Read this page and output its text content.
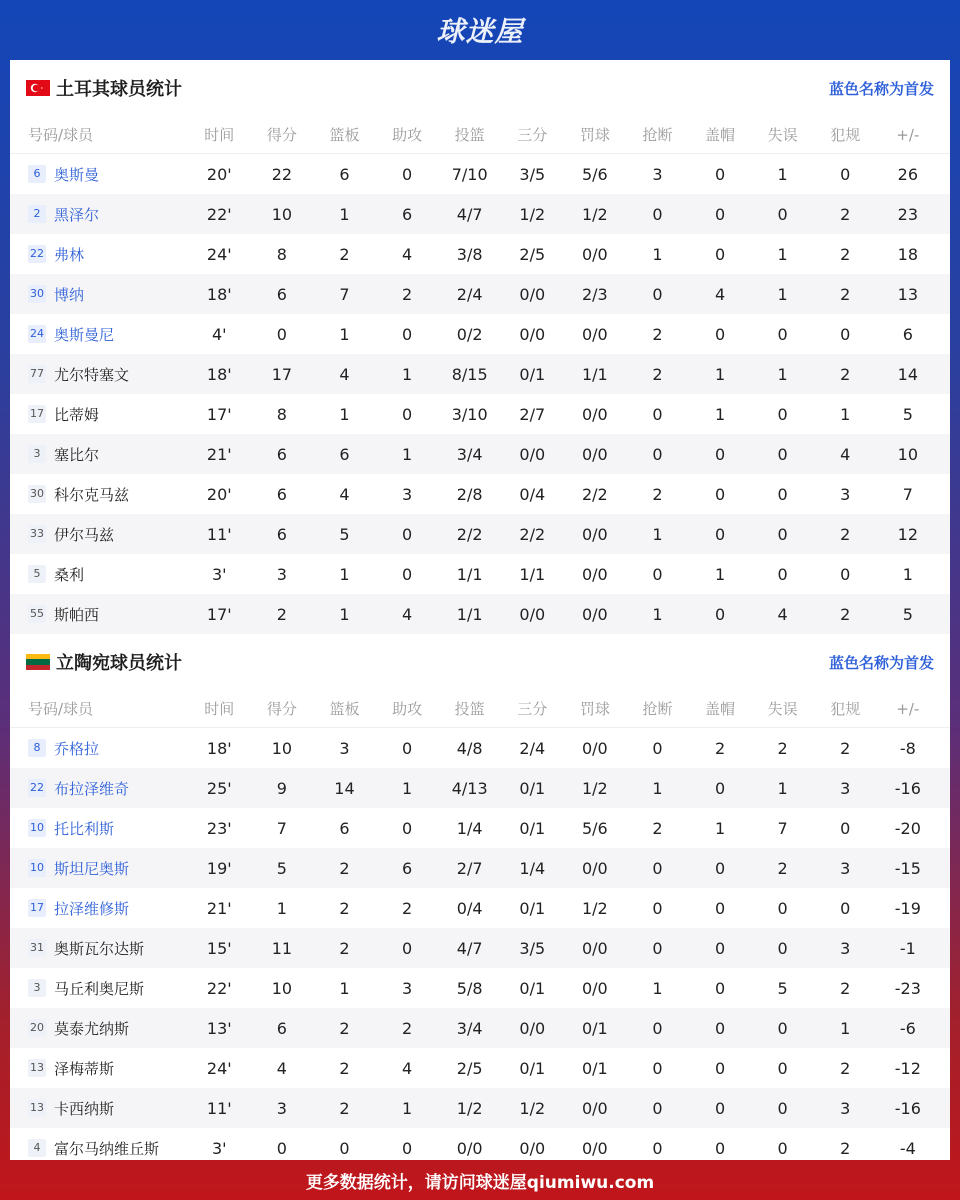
球迷屋
土耳其球员统计	蓝色名称为首发
号码/球员	时间	得分	篮板	助攻	投篮	三分	罚球	抢断	盖帽	失误	犯规	+/-
6 奥斯曼	20'	22	6	0	7/10	3/5	5/6	3	0	1	0	26
2 黑泽尔	22'	10	1	6	4/7	1/2	1/2	0	0	0	2	23
22 弗林	24'	8	2	4	3/8	2/5	0/0	1	0	1	2	18
30 博纳	18'	6	7	2	2/4	0/0	2/3	0	4	1	2	13
24 奥斯曼尼	4'	0	1	0	0/2	0/0	0/0	2	0	0	0	6
77 尤尔特塞文	18'	17	4	1	8/15	0/1	1/1	2	1	1	2	14
17 比蒂姆	17'	8	1	0	3/10	2/7	0/0	0	1	0	1	5
3 塞比尔	21'	6	6	1	3/4	0/0	0/0	0	0	0	4	10
30 科尔克马兹	20'	6	4	3	2/8	0/4	2/2	2	0	0	3	7
33 伊尔马兹	11'	6	5	0	2/2	2/2	0/0	1	0	0	2	12
5 桑利	3'	3	1	0	1/1	1/1	0/0	0	1	0	0	1
55 斯帕西	17'	2	1	4	1/1	0/0	0/0	1	0	4	2	5
立陶宛球员统计	蓝色名称为首发
号码/球员	时间	得分	篮板	助攻	投篮	三分	罚球	抢断	盖帽	失误	犯规	+/-
8 乔格拉	18'	10	3	0	4/8	2/4	0/0	0	2	2	2	-8
22 布拉泽维奇	25'	9	14	1	4/13	0/1	1/2	1	0	1	3	-16
10 托比利斯	23'	7	6	0	1/4	0/1	5/6	2	1	7	0	-20
10 斯坦尼奥斯	19'	5	2	6	2/7	1/4	0/0	0	0	2	3	-15
17 拉泽维修斯	21'	1	2	2	0/4	0/1	1/2	0	0	0	0	-19
31 奥斯瓦尔达斯	15'	11	2	0	4/7	3/5	0/0	0	0	0	3	-1
3 马丘利奥尼斯	22'	10	1	3	5/8	0/1	0/0	1	0	5	2	-23
20 莫泰尤纳斯	13'	6	2	2	3/4	0/0	0/1	0	0	0	1	-6
13 泽梅蒂斯	24'	4	2	4	2/5	0/1	0/1	0	0	0	2	-12
13 卡西纳斯	11'	3	2	1	1/2	1/2	0/0	0	0	0	3	-16
4 富尔马纳维丘斯	3'	0	0	0	0/0	0/0	0/0	0	0	0	2	-4
更多数据统计，请访问球迷屋qiumiwu.com
